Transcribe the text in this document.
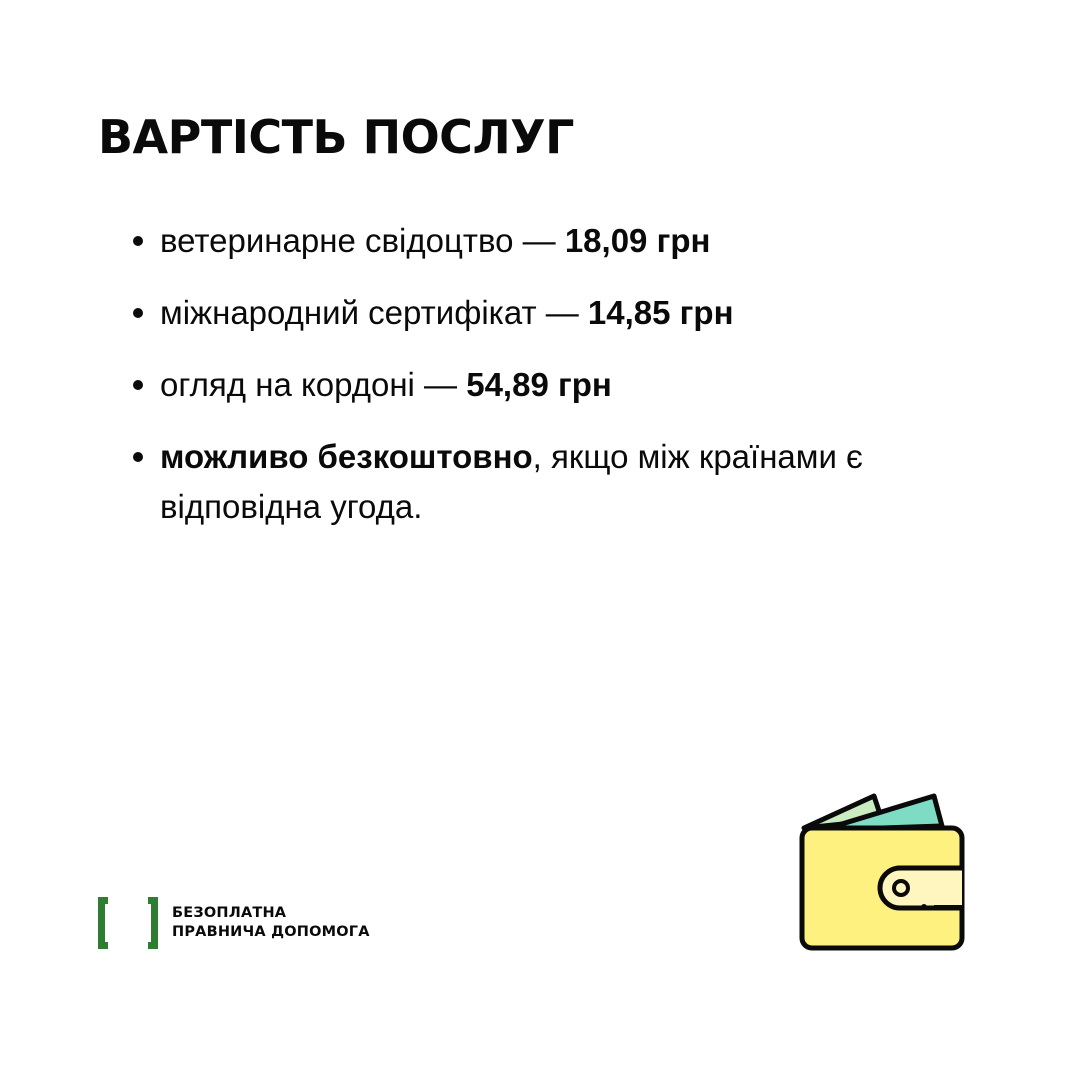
ВАРТІСТЬ ПОСЛУГ
ветеринарне свідоцтво — 18,09 грн
міжнародний сертифікат — 14,85 грн
огляд на кордоні — 54,89 грн
можливо безкоштовно, якщо між країнами є відповідна угода.
БЕЗОПЛАТНА
ПРАВНИЧА ДОПОМОГА
